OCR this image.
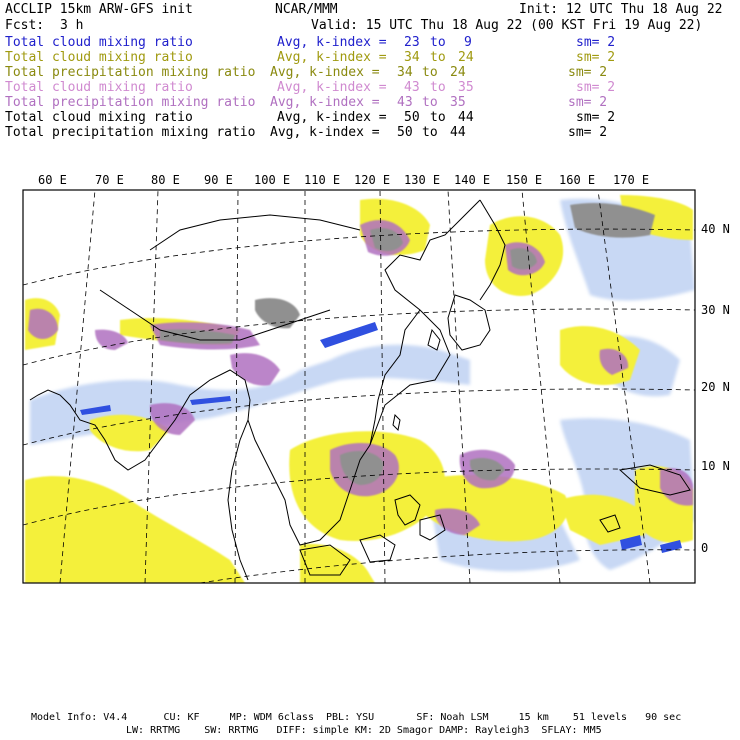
ACCLIP 15km ARW-GFS init	NCAR/MMM	Init: 12 UTC Thu 18 Aug 22
Fcst: 3 h	Valid: 15 UTC Thu 18 Aug 22 (00 KST Fri 19 Aug 22)
Total cloud mixing ratio	Avg, k-index = 23 to 9	sm= 2
Total cloud mixing ratio	Avg, k-index = 34 to 24	sm= 2
Total precipitation mixing ratio Avg, k-index = 34 to 24	sm= 2
Total cloud mixing ratio	Avg, k-index = 43 to 35	sm= 2
Total precipitation mixing ratio Avg, k-index = 43 to 35	sm= 2
Total cloud mixing ratio	Avg, k-index = 50 to 44	sm= 2
Total precipitation mixing ratio Avg, k-index = 50 to 44	sm= 2
60 E 70 E 80 E 90 E 100 E 110 E 120 E 130 E 140 E 150 E 160 E 170 E
40 N
30 N
20 N
10 N
0
Model Info: V4.4      CU: KF     MP: WDM 6class  PBL: YSU       SF: Noah LSM     15 km    51 levels   90 sec
LW: RRTMG    SW: RRTMG   DIFF: simple KM: 2D Smagor DAMP: Rayleigh3  SFLAY: MM5
